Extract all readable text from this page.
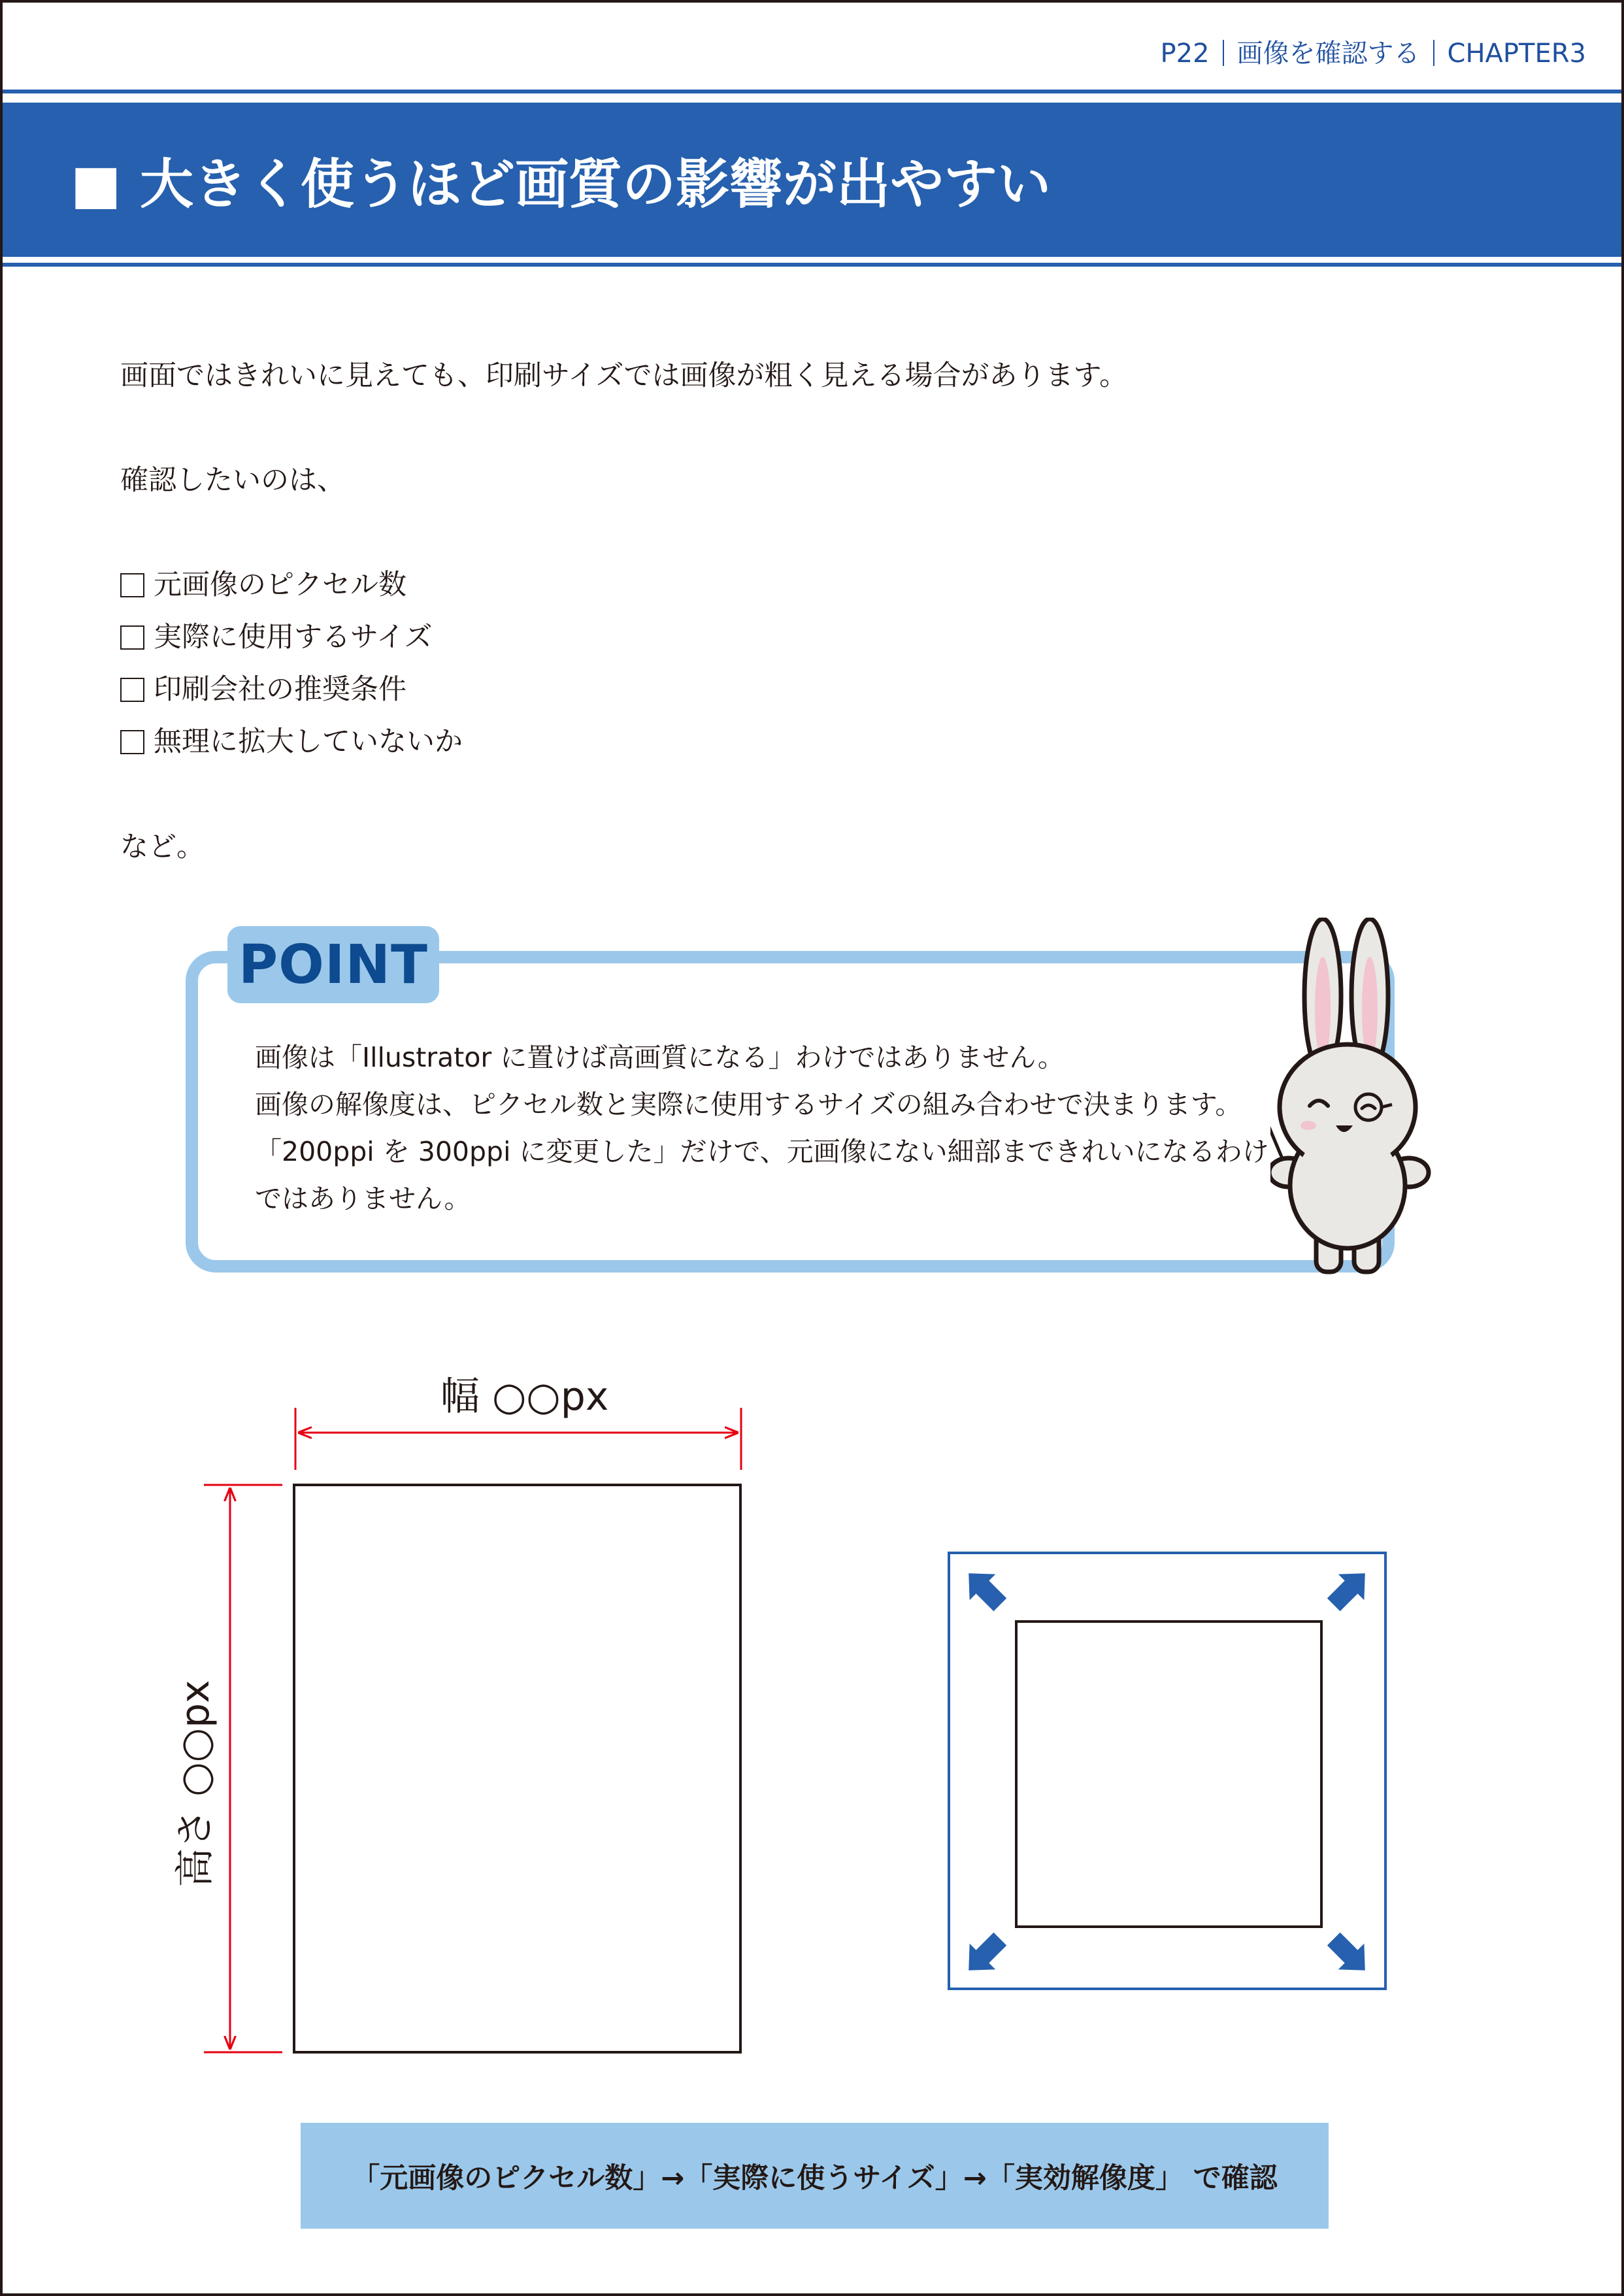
P22 画像を確認する CHAPTER3
■ 大きく使うほど画質の影響が出やすい
画面ではきれいに見えても、印刷サイズでは画像が粗く見える場合があります。
確認したいのは、
元画像のピクセル数
実際に使用するサイズ
印刷会社の推奨条件
無理に拡大していないか
など。
POINT
画像は「Illustrator に置けば高画質になる」わけではありません。
画像の解像度は、ピクセル数と実際に使用するサイズの組み合わせで決まります。
「200ppi を 300ppi に変更した」だけで、元画像にない細部まできれいになるわけ
ではありません。
幅 ○○px
高さ ○○px
「元画像のピクセル数」→「実際に使うサイズ」→「実効解像度」 で確認
